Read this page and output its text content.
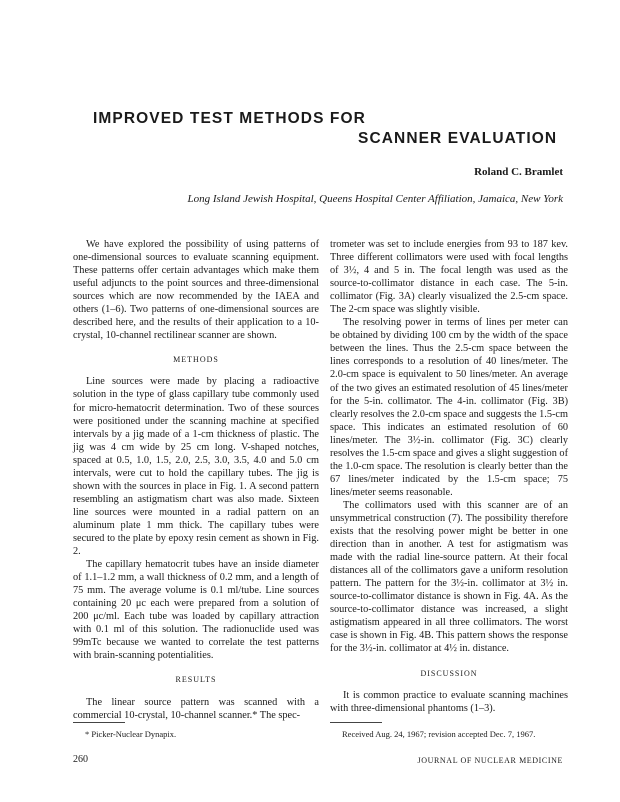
IMPROVED TEST METHODS FOR
SCANNER EVALUATION
Roland C. Bramlet
Long Island Jewish Hospital, Queens Hospital Center Affiliation, Jamaica, New York

We have explored the possibility of using patterns of one-dimensional sources to evaluate scanning equipment. These patterns offer certain advantages which make them useful adjuncts to the point sources and three-dimensional sources which are now recommended by the IAEA and others (1–6). Two patterns of one-dimensional sources are described here, and the results of their application to a 10-crystal, 10-channel rectilinear scanner are shown.

METHODS

Line sources were made by placing a radioactive solution in the type of glass capillary tube commonly used for micro-hematocrit determination. Two of these sources were positioned under the scanning machine at specified intervals by a jig made of a 1-cm thickness of plastic. The jig was 4 cm wide by 25 cm long. V-shaped notches, spaced at 0.5, 1.0, 1.5, 2.0, 2.5, 3.0, 3.5, 4.0 and 5.0 cm intervals, were cut to hold the capillary tubes. The jig is shown with the sources in place in Fig. 1. A second pattern resembling an astigmatism chart was also made. Sixteen line sources were mounted in a radial pattern on an aluminum plate 1 mm thick. The capillary tubes were secured to the plate by epoxy resin cement as shown in Fig. 2.

The capillary hematocrit tubes have an inside diameter of 1.1–1.2 mm, a wall thickness of 0.2 mm, and a length of 75 mm. The average volume is 0.1 ml/tube. Line sources containing 20 μc each were prepared from a solution of 200 μc/ml. Each tube was loaded by capillary attraction with 0.1 ml of this solution. The radionuclide used was 99mTc because we wanted to correlate the test patterns with brain-scanning potentialities.

RESULTS

The linear source pattern was scanned with a commercial 10-crystal, 10-channel scanner.* The spec-

trometer was set to include energies from 93 to 187 kev. Three different collimators were used with focal lengths of 3½, 4 and 5 in. The focal length was used as the source-to-collimator distance in each case. The 5-in. collimator (Fig. 3A) clearly visualized the 2.5-cm space. The 2-cm space was slightly visible.

The resolving power in terms of lines per meter can be obtained by dividing 100 cm by the width of the space between the lines. Thus the 2.5-cm space between the lines corresponds to a resolution of 40 lines/meter. The 2.0-cm space is equivalent to 50 lines/meter. An average of the two gives an estimated resolution of 45 lines/meter for the 5-in. collimator. The 4-in. collimator (Fig. 3B) clearly resolves the 2.0-cm space and suggests the 1.5-cm space. This indicates an estimated resolution of 60 lines/meter. The 3½-in. collimator (Fig. 3C) clearly resolves the 1.5-cm space and gives a slight suggestion of the 1.0-cm space. The resolution is clearly better than the 67 lines/meter indicated by the 1.5-cm space; 75 lines/meter seems reasonable.

The collimators used with this scanner are of an unsymmetrical construction (7). The possibility therefore exists that the resolving power might be better in one direction than in another. A test for astigmatism was made with the radial line-source pattern. At their focal distances all of the collimators gave a uniform resolution pattern. The pattern for the 3½-in. collimator at 3½ in. source-to-collimator distance is shown in Fig. 4A. As the source-to-collimator distance was increased, a slight astigmatism appeared in all three collimators. The worst case is shown in Fig. 4B. This pattern shows the response for the 3½-in. collimator at 4½ in. distance.

DISCUSSION

It is common practice to evaluate scanning machines with three-dimensional phantoms (1–3).

* Picker-Nuclear Dynapix.	Received Aug. 24, 1967; revision accepted Dec. 7, 1967.
260	JOURNAL OF NUCLEAR MEDICINE
